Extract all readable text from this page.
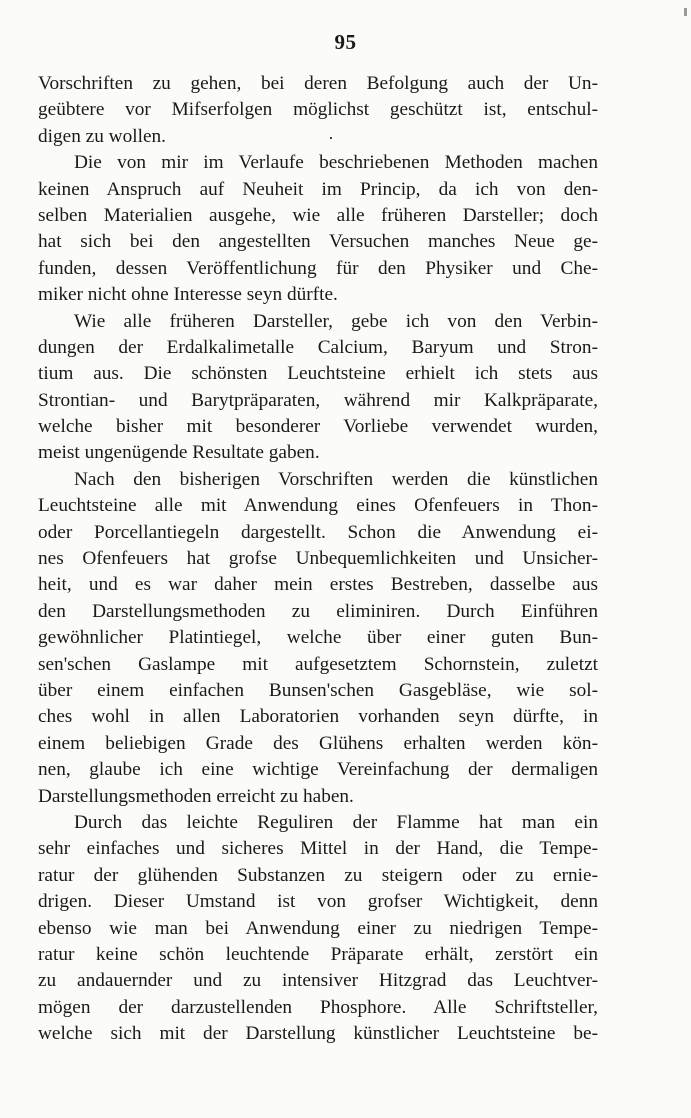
95
Vorschriften zu gehen, bei deren Befolgung auch der Un-
geübtere vor Mifserfolgen möglichst geschützt ist, entschul-
digen zu wollen.
Die von mir im Verlaufe beschriebenen Methoden machen
keinen Anspruch auf Neuheit im Princip, da ich von den-
selben Materialien ausgehe, wie alle früheren Darsteller; doch
hat sich bei den angestellten Versuchen manches Neue ge-
funden, dessen Veröffentlichung für den Physiker und Che-
miker nicht ohne Interesse seyn dürfte.
Wie alle früheren Darsteller, gebe ich von den Verbin-
dungen der Erdalkalimetalle Calcium, Baryum und Stron-
tium aus. Die schönsten Leuchtsteine erhielt ich stets aus
Strontian- und Barytpräparaten, während mir Kalkpräparate,
welche bisher mit besonderer Vorliebe verwendet wurden,
meist ungenügende Resultate gaben.
Nach den bisherigen Vorschriften werden die künstlichen
Leuchtsteine alle mit Anwendung eines Ofenfeuers in Thon-
oder Porcellantiegeln dargestellt. Schon die Anwendung ei-
nes Ofenfeuers hat grofse Unbequemlichkeiten und Unsicher-
heit, und es war daher mein erstes Bestreben, dasselbe aus
den Darstellungsmethoden zu eliminiren. Durch Einführen
gewöhnlicher Platintiegel, welche über einer guten Bun-
sen'schen Gaslampe mit aufgesetztem Schornstein, zuletzt
über einem einfachen Bunsen'schen Gasgebläse, wie sol-
ches wohl in allen Laboratorien vorhanden seyn dürfte, in
einem beliebigen Grade des Glühens erhalten werden kön-
nen, glaube ich eine wichtige Vereinfachung der dermaligen
Darstellungsmethoden erreicht zu haben.
Durch das leichte Reguliren der Flamme hat man ein
sehr einfaches und sicheres Mittel in der Hand, die Tempe-
ratur der glühenden Substanzen zu steigern oder zu ernie-
drigen. Dieser Umstand ist von grofser Wichtigkeit, denn
ebenso wie man bei Anwendung einer zu niedrigen Tempe-
ratur keine schön leuchtende Präparate erhält, zerstört ein
zu andauernder und zu intensiver Hitzgrad das Leuchtver-
mögen der darzustellenden Phosphore. Alle Schriftsteller,
welche sich mit der Darstellung künstlicher Leuchtsteine be-
